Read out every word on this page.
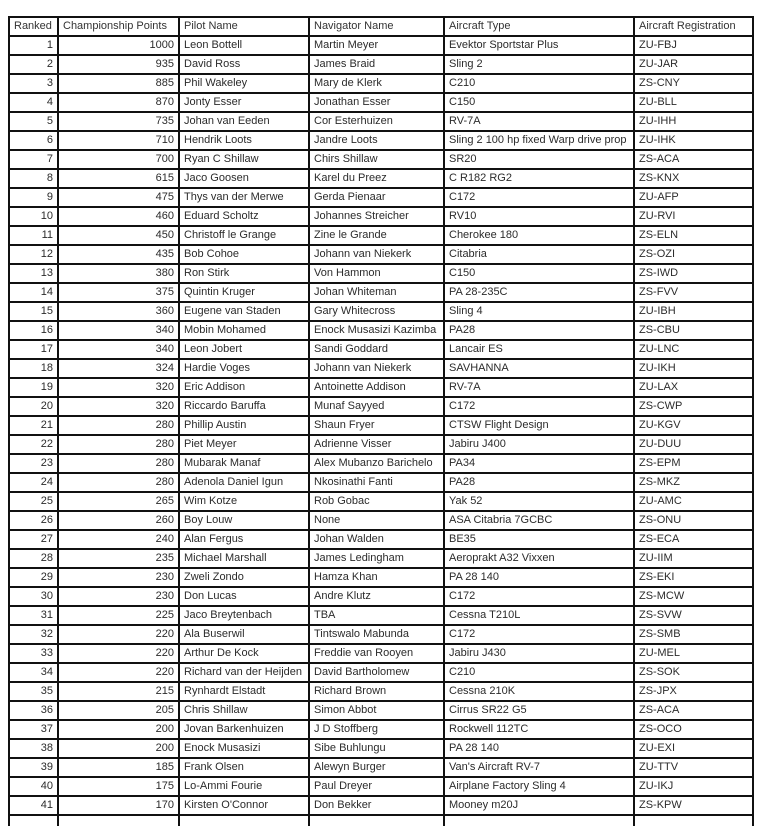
Ranked	Championship Points	Pilot Name	Navigator Name	Aircraft Type	Aircraft Registration
1	1000	Leon Bottell	Martin Meyer	Evektor Sportstar Plus	ZU-FBJ
2	935	David Ross	James Braid	Sling 2	ZU-JAR
3	885	Phil Wakeley	Mary de Klerk	C210	ZS-CNY
4	870	Jonty Esser	Jonathan Esser	C150	ZU-BLL
5	735	Johan van Eeden	Cor Esterhuizen	RV-7A	ZU-IHH
6	710	Hendrik Loots	Jandre Loots	Sling 2 100 hp fixed Warp drive prop	ZU-IHK
7	700	Ryan C Shillaw	Chirs Shillaw	SR20	ZS-ACA
8	615	Jaco Goosen	Karel du Preez	C R182 RG2	ZS-KNX
9	475	Thys van der Merwe	Gerda Pienaar	C172	ZU-AFP
10	460	Eduard Scholtz	Johannes Streicher	RV10	ZU-RVI
11	450	Christoff le Grange	Zine le Grande	Cherokee 180	ZS-ELN
12	435	Bob Cohoe	Johann van Niekerk	Citabria	ZS-OZI
13	380	Ron Stirk	Von Hammon	C150	ZS-IWD
14	375	Quintin Kruger	Johan Whiteman	PA 28-235C	ZS-FVV
15	360	Eugene van Staden	Gary Whitecross	Sling 4	ZU-IBH
16	340	Mobin Mohamed	Enock Musasizi Kazimba	PA28	ZS-CBU
17	340	Leon Jobert	Sandi Goddard	Lancair ES	ZU-LNC
18	324	Hardie Voges	Johann van Niekerk	SAVHANNA	ZU-IKH
19	320	Eric Addison	Antoinette Addison	RV-7A	ZU-LAX
20	320	Riccardo Baruffa	Munaf Sayyed	C172	ZS-CWP
21	280	Phillip Austin	Shaun Fryer	CTSW Flight Design	ZU-KGV
22	280	Piet Meyer	Adrienne Visser	Jabiru J400	ZU-DUU
23	280	Mubarak Manaf	Alex Mubanzo Barichelo	PA34	ZS-EPM
24	280	Adenola Daniel Igun	Nkosinathi Fanti	PA28	ZS-MKZ
25	265	Wim Kotze	Rob Gobac	Yak 52	ZU-AMC
26	260	Boy Louw	None	ASA Citabria 7GCBC	ZS-ONU
27	240	Alan Fergus	Johan Walden	BE35	ZS-ECA
28	235	Michael Marshall	James Ledingham	Aeroprakt A32 Vixxen	ZU-IIM
29	230	Zweli Zondo	Hamza Khan	PA 28 140	ZS-EKI
30	230	Don Lucas	Andre Klutz	C172	ZS-MCW
31	225	Jaco Breytenbach	TBA	Cessna T210L	ZS-SVW
32	220	Ala Buserwil	Tintswalo Mabunda	C172	ZS-SMB
33	220	Arthur De Kock	Freddie van Rooyen	Jabiru J430	ZU-MEL
34	220	Richard van der Heijden	David Bartholomew	C210	ZS-SOK
35	215	Rynhardt Elstadt	Richard Brown	Cessna 210K	ZS-JPX
36	205	Chris Shillaw	Simon Abbot	Cirrus SR22 G5	ZS-ACA
37	200	Jovan Barkenhuizen	J D Stoffberg	Rockwell 112TC	ZS-OCO
38	200	Enock Musasizi	Sibe Buhlungu	PA 28 140	ZU-EXI
39	185	Frank Olsen	Alewyn Burger	Van's Aircraft RV-7	ZU-TTV
40	175	Lo-Ammi Fourie	Paul Dreyer	Airplane Factory Sling 4	ZU-IKJ
41	170	Kirsten O'Connor	Don Bekker	Mooney m20J	ZS-KPW
